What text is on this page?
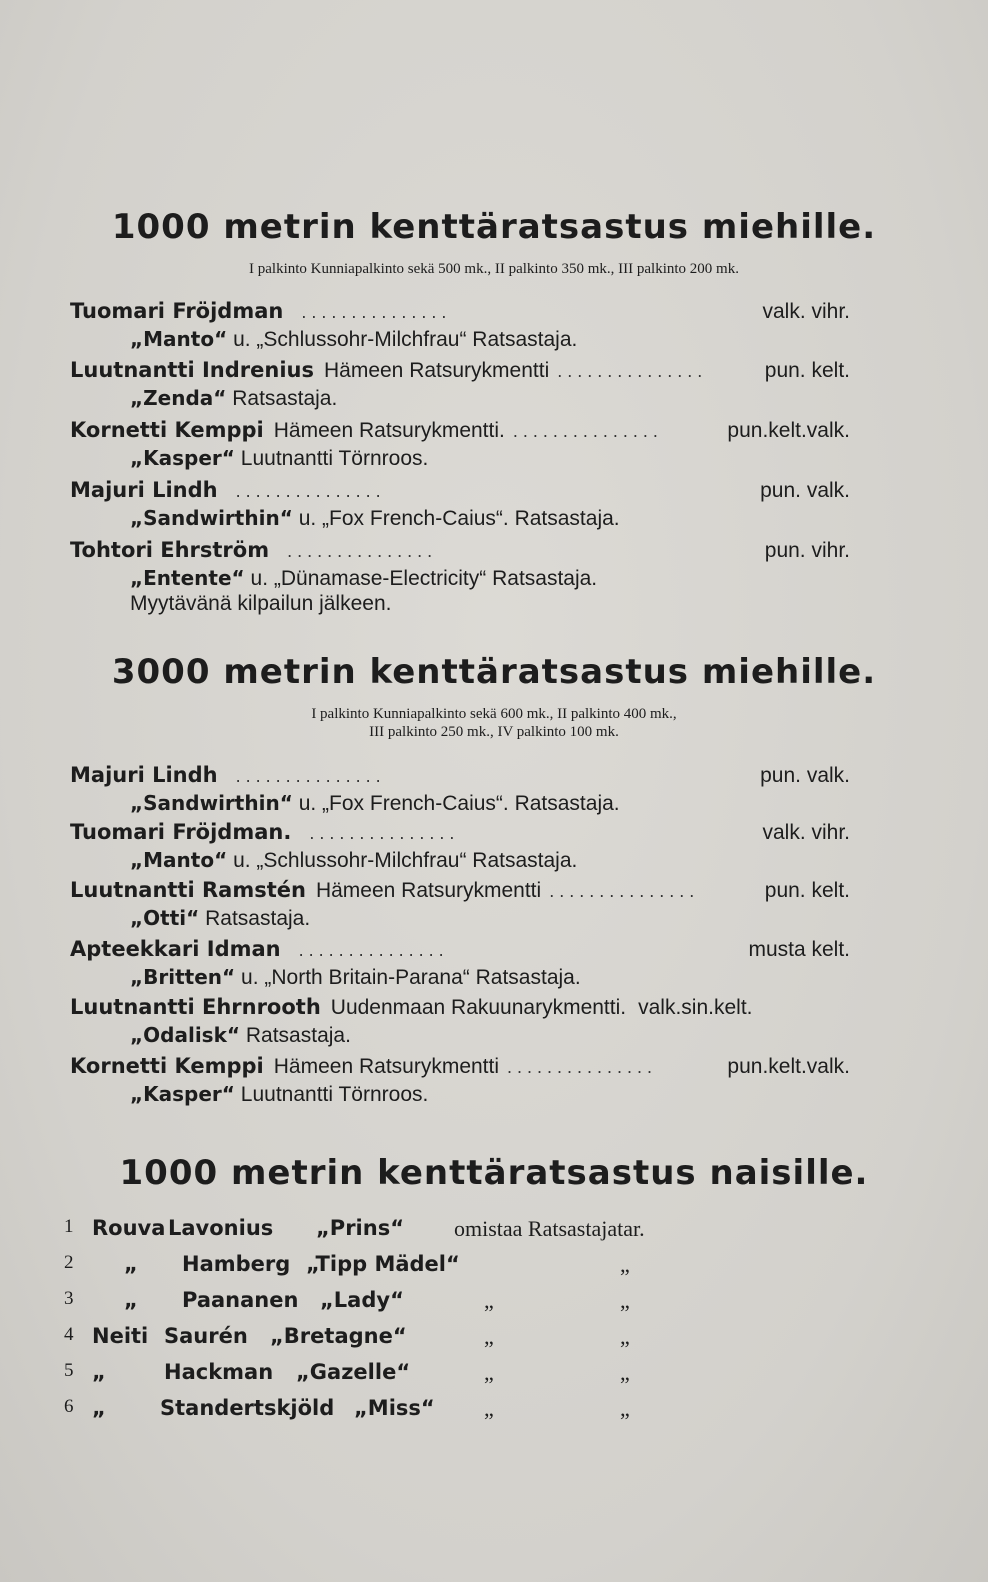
1000 metrin kenttäratsastus miehille.
I palkinto Kunniapalkinto sekä 500 mk., II palkinto 350 mk., III palkinto 200 mk.
Tuomari Fröjdman ...............	valk. vihr.
„Manto“ u. „Schlussohr-Milchfrau“ Ratsastaja.
Luutnantti Indrenius Hämeen Ratsurykmentti ...............	pun. kelt.
„Zenda“ Ratsastaja.
Kornetti Kemppi Hämeen Ratsurykmentti. ...............	pun.kelt.valk.
„Kasper“ Luutnantti Törnroos.
Majuri Lindh ...............	pun. valk.
„Sandwirthin“ u. „Fox French-Caius“. Ratsastaja.
Tohtori Ehrström ...............	pun. vihr.
„Entente“ u. „Dünamase-Electricity“ Ratsastaja.
Myytävänä kilpailun jälkeen.
3000 metrin kenttäratsastus miehille.
I palkinto Kunniapalkinto sekä 600 mk., II palkinto 400 mk.,
III palkinto 250 mk., IV palkinto 100 mk.
Majuri Lindh ...............	pun. valk.
„Sandwirthin“ u. „Fox French-Caius“. Ratsastaja.
Tuomari Fröjdman. ...............	valk. vihr.
„Manto“ u. „Schlussohr-Milchfrau“ Ratsastaja.
Luutnantti Ramstén Hämeen Ratsurykmentti ...............	pun. kelt.
„Otti“ Ratsastaja.
Apteekkari Idman ...............	musta kelt.
„Britten“ u. „North Britain-Parana“ Ratsastaja.
Luutnantti Ehrnrooth Uudenmaan Rakuunarykmentti. valk.sin.kelt.
„Odalisk“ Ratsastaja.
Kornetti Kemppi Hämeen Ratsurykmentti ...............	pun.kelt.valk.
„Kasper“ Luutnantti Törnroos.
1000 metrin kenttäratsastus naisille.
1 Rouva Lavonius „Prins“ omistaa Ratsastajatar.
2 „ Hamberg „Tipp Mädel“	„
3 „ Paananen „Lady“	„	„
4 Neiti Saurén „Bretagne“	„	„
5 „	Hackman „Gazelle“	„	„
6 „	Standertskjöld „Miss“ „	„
